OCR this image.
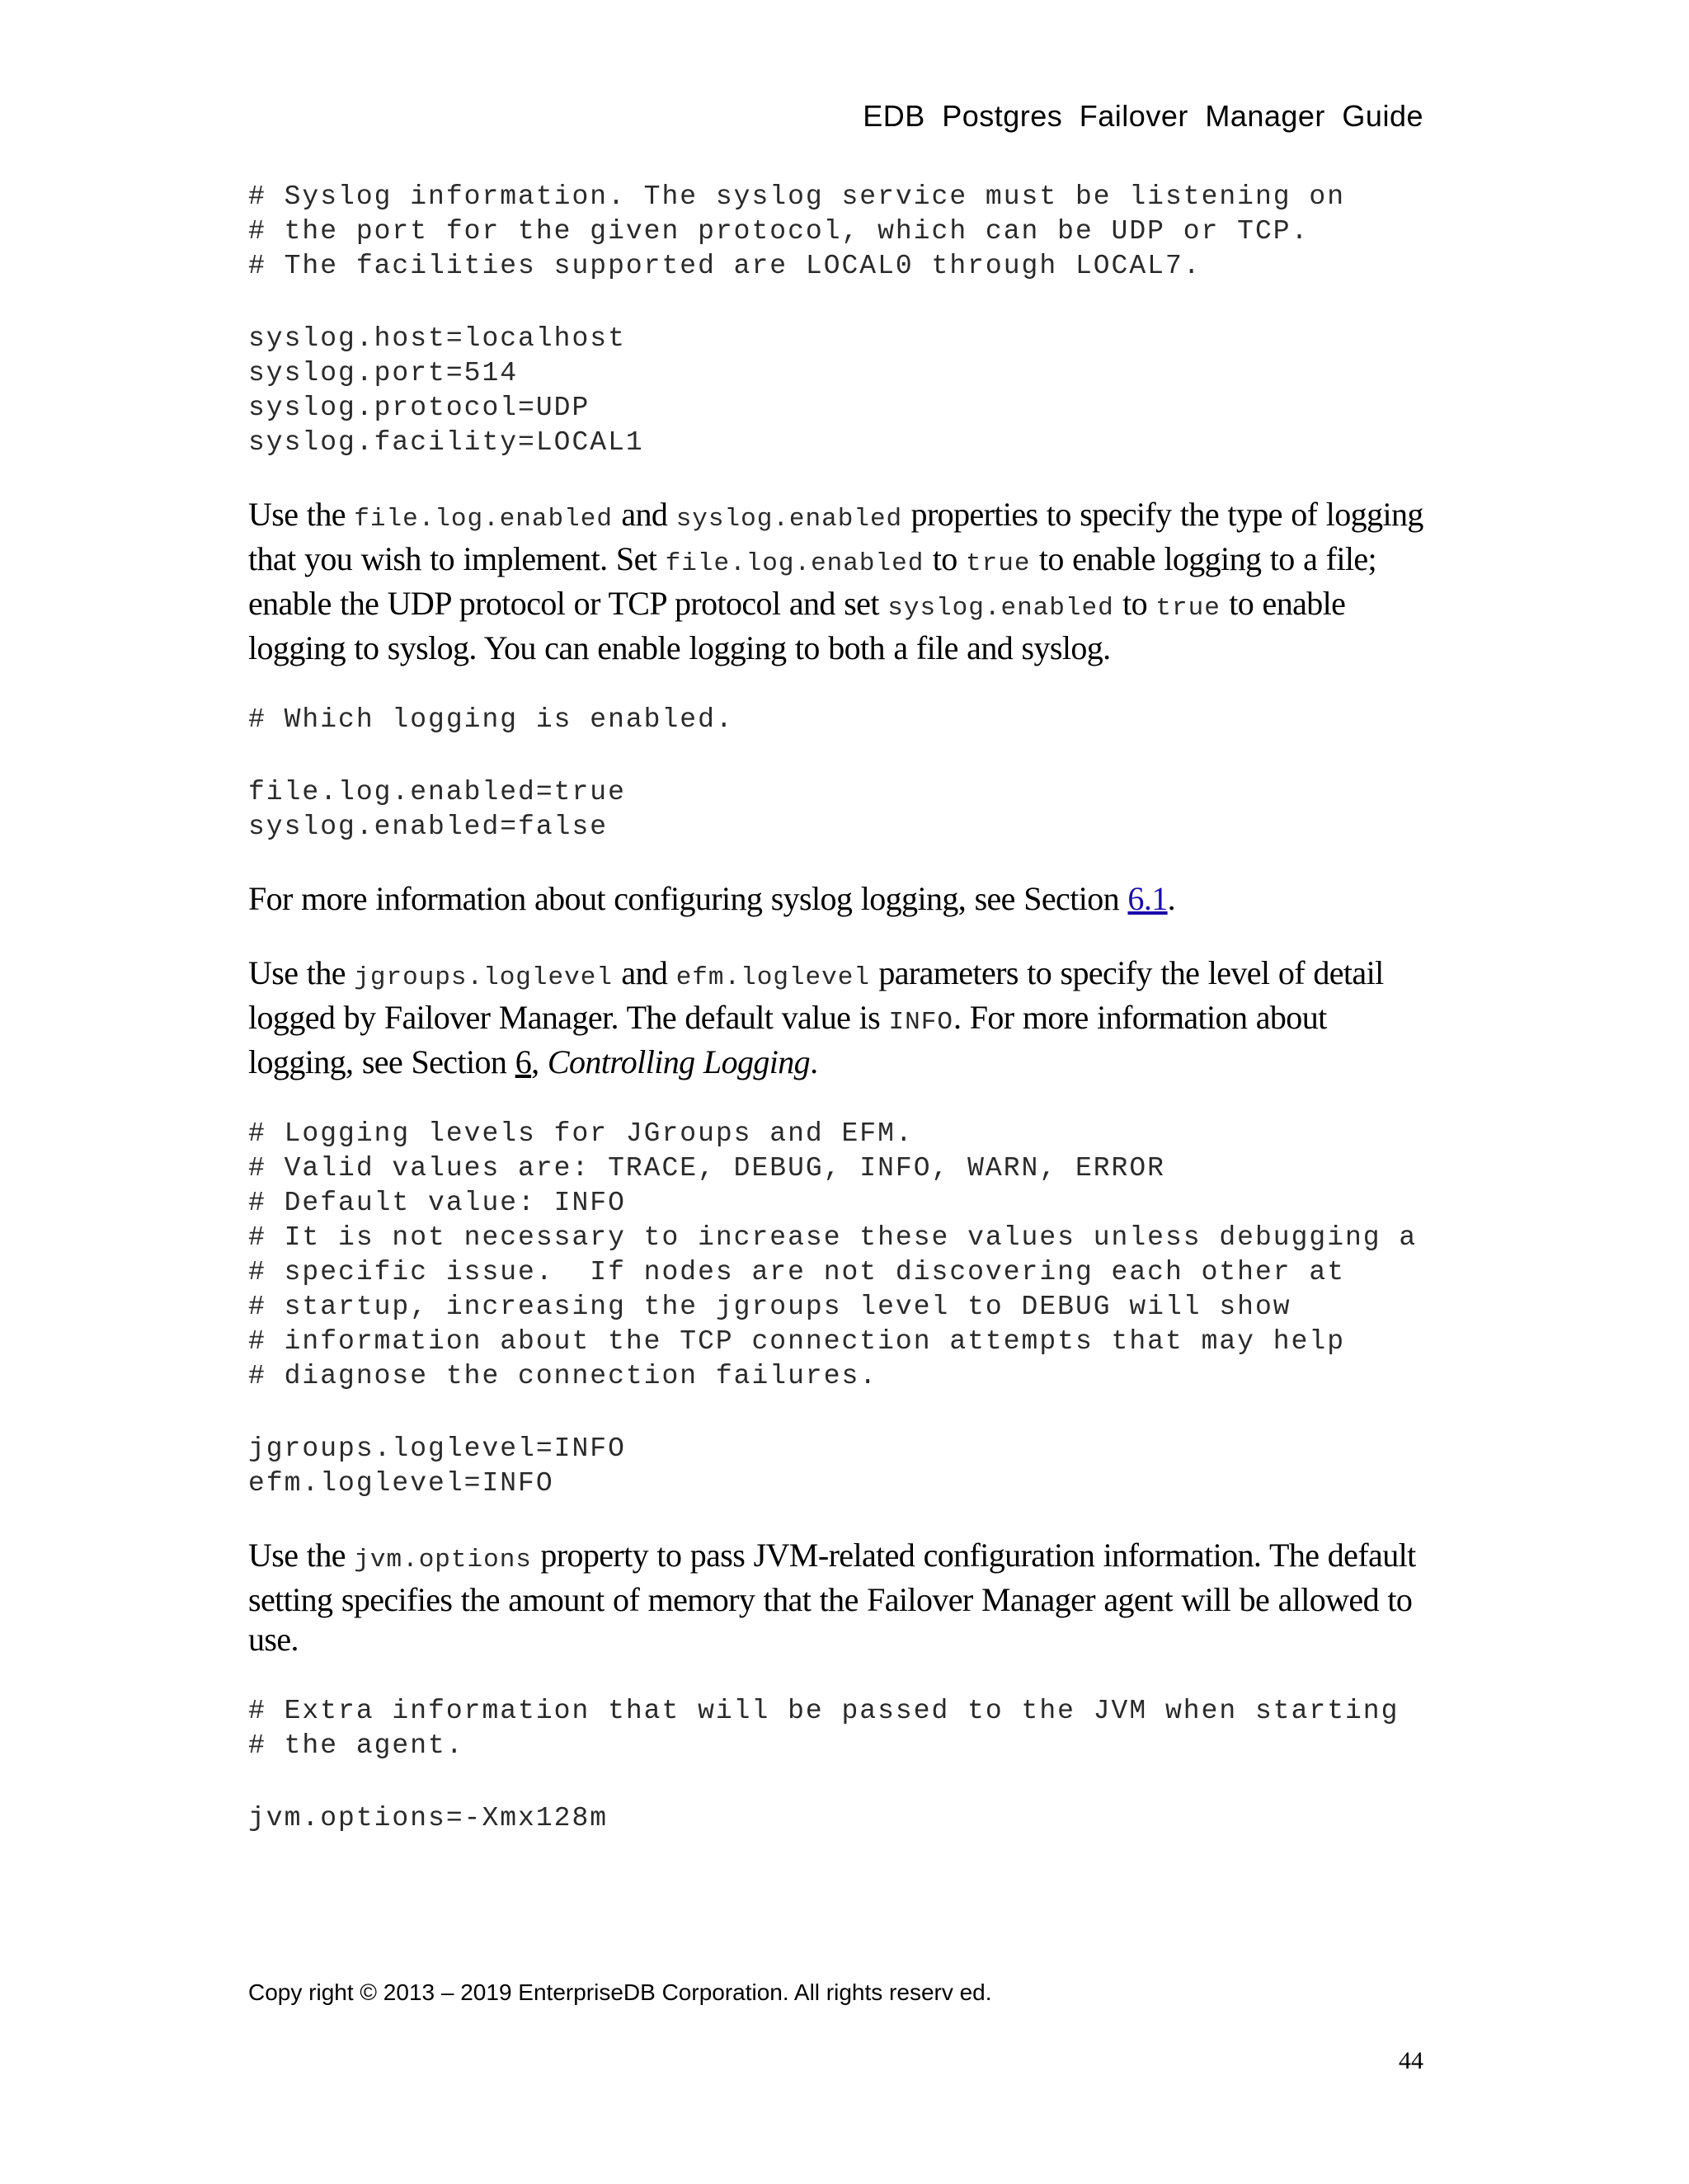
EDB Postgres Failover Manager Guide
# Syslog information. The syslog service must be listening on
# the port for the given protocol, which can be UDP or TCP.
# The facilities supported are LOCAL0 through LOCAL7.
syslog.host=localhost
syslog.port=514
syslog.protocol=UDP
syslog.facility=LOCAL1

Use the file.log.enabled and syslog.enabled properties to specify the type of logging that you wish to implement. Set file.log.enabled to true to enable logging to a file; enable the UDP protocol or TCP protocol and set syslog.enabled to true to enable logging to syslog. You can enable logging to both a file and syslog.

# Which logging is enabled.
file.log.enabled=true
syslog.enabled=false

For more information about configuring syslog logging, see Section 6.1.

Use the jgroups.loglevel and efm.loglevel parameters to specify the level of detail logged by Failover Manager. The default value is INFO. For more information about logging, see Section 6, Controlling Logging.

# Logging levels for JGroups and EFM.
# Valid values are: TRACE, DEBUG, INFO, WARN, ERROR
# Default value: INFO
# It is not necessary to increase these values unless debugging a
# specific issue.  If nodes are not discovering each other at
# startup, increasing the jgroups level to DEBUG will show
# information about the TCP connection attempts that may help
# diagnose the connection failures.
jgroups.loglevel=INFO
efm.loglevel=INFO

Use the jvm.options property to pass JVM-related configuration information. The default setting specifies the amount of memory that the Failover Manager agent will be allowed to use.

# Extra information that will be passed to the JVM when starting
# the agent.
jvm.options=-Xmx128m
Copy right © 2013 – 2019 EnterpriseDB Corporation. All rights reserv ed.
44
